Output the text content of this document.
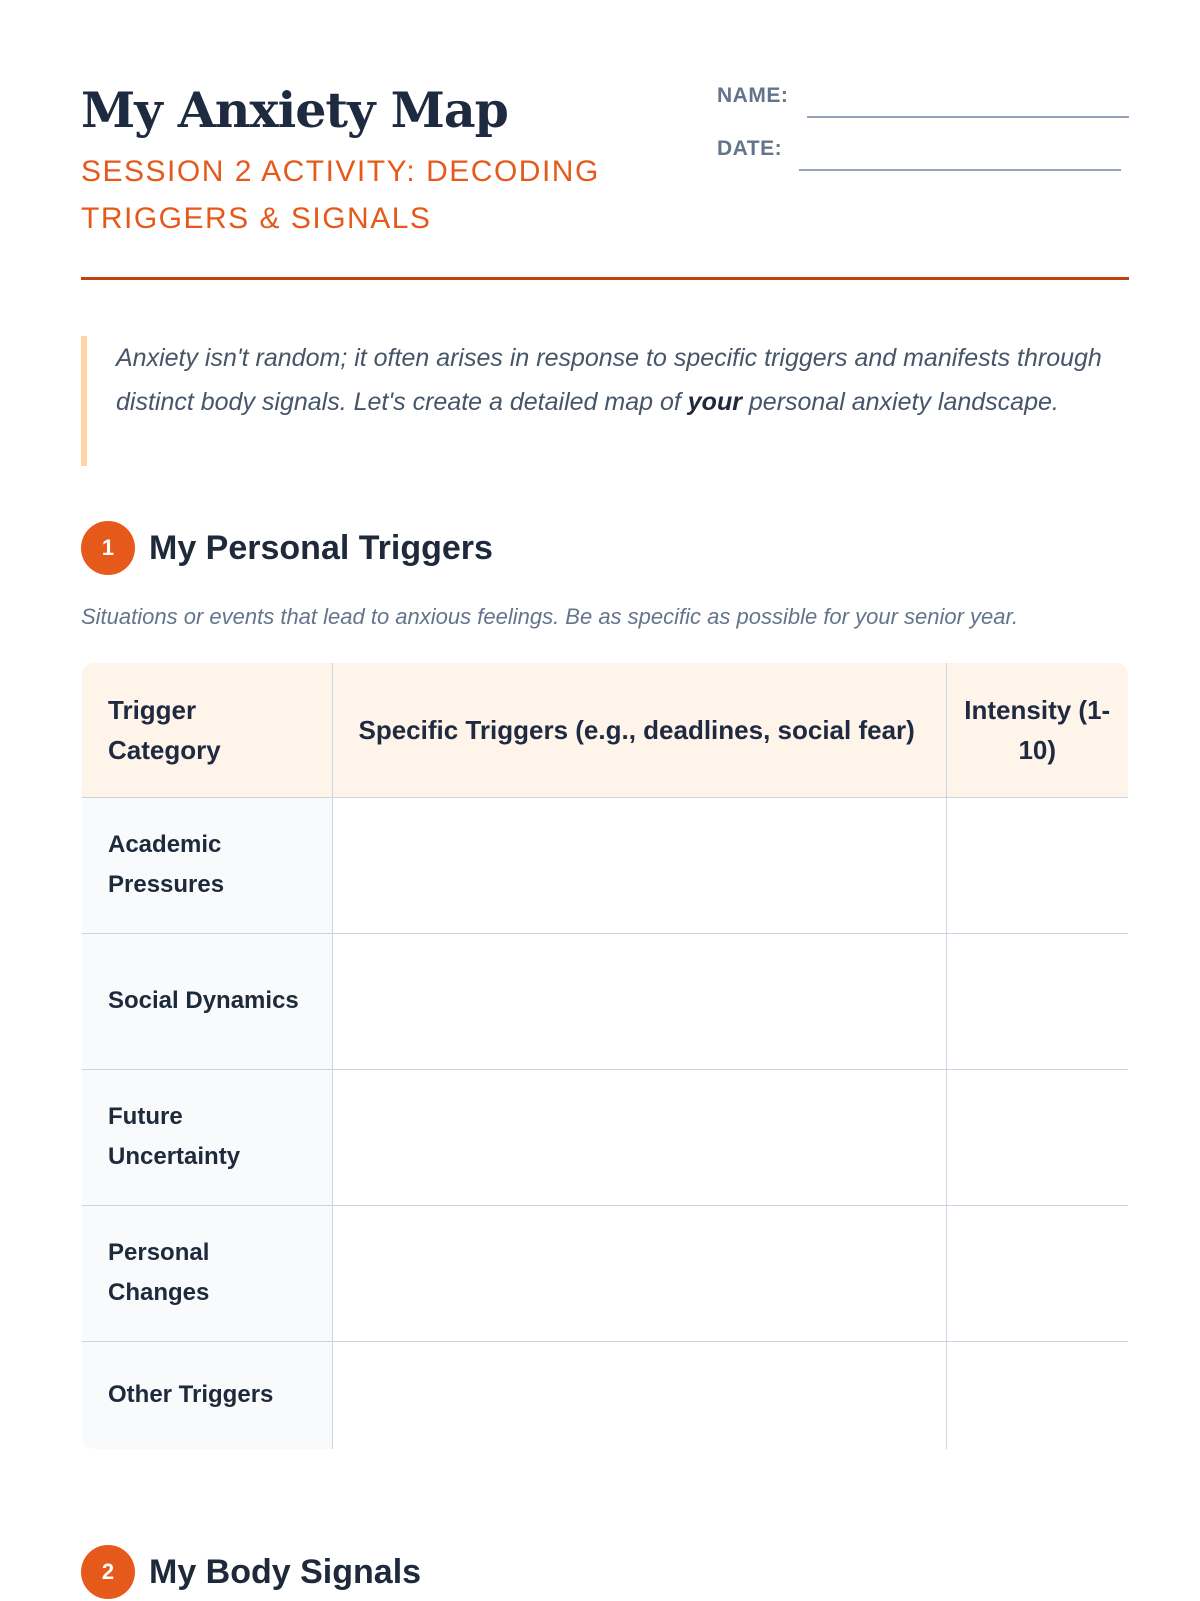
My Anxiety Map

SESSION 2 ACTIVITY: DECODING TRIGGERS & SIGNALS

NAME:
DATE:

Anxiety isn't random; it often arises in response to specific triggers and manifests through distinct body signals. Let's create a detailed map of your personal anxiety landscape.

1	My Personal Triggers

Situations or events that lead to anxious feelings. Be as specific as possible for your senior year.

Trigger Category	Specific Triggers (e.g., deadlines, social fear)	Intensity (1-10)
Academic Pressures		
Social Dynamics		
Future Uncertainty		
Personal Changes		
Other Triggers		
2	My Body Signals
